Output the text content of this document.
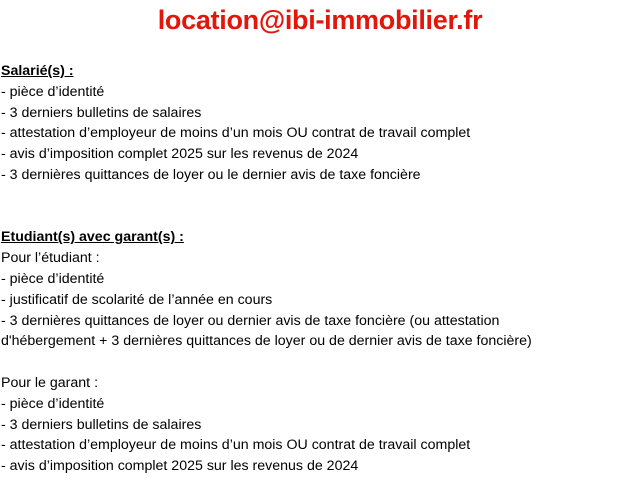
location@ibi-immobilier.fr
Salarié(s) :
- pièce d’identité
- 3 derniers bulletins de salaires
- attestation d’employeur de moins d’un mois OU contrat de travail complet
- avis d’imposition complet 2025 sur les revenus de 2024
- 3 dernières quittances de loyer ou le dernier avis de taxe foncière
Etudiant(s) avec garant(s) :
Pour l’étudiant :
- pièce d’identité
- justificatif de scolarité de l’année en cours
- 3 dernières quittances de loyer ou dernier avis de taxe foncière (ou attestation
d'hébergement + 3 dernières quittances de loyer ou de dernier avis de taxe foncière)
Pour le garant :
- pièce d’identité
- 3 derniers bulletins de salaires
- attestation d’employeur de moins d’un mois OU contrat de travail complet
- avis d’imposition complet 2025 sur les revenus de 2024
